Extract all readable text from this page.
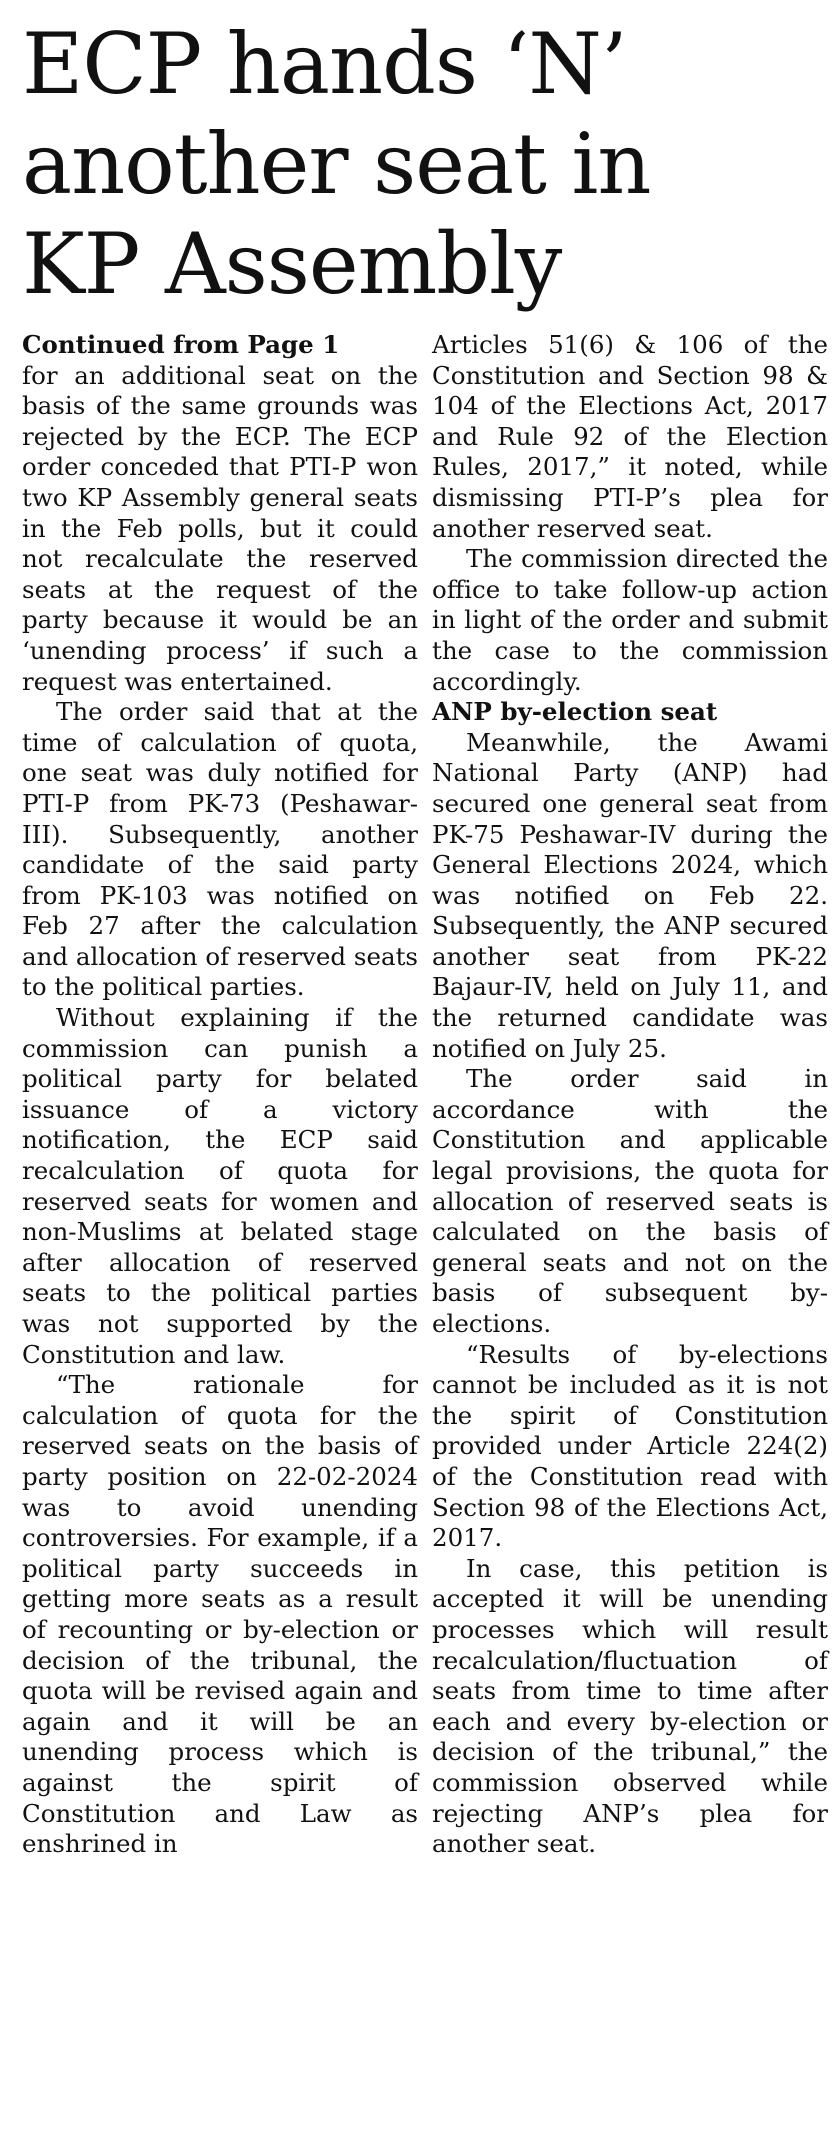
ECP hands ‘N’
another seat in
KP Assembly

Continued from Page 1

for an additional seat on the basis of the same grounds was rejected by the ECP. The ECP order conceded that PTI-P won two KP Assembly general seats in the Feb polls, but it could not recalculate the reserved seats at the request of the party because it would be an ‘unending process’ if such a request was entertained.

The order said that at the time of calculation of quota, one seat was duly notified for PTI-P from PK-73 (Peshawar-III). Subsequently, another candidate of the said party from PK-103 was notified on Feb 27 after the calculation and allocation of reserved seats to the political parties.

Without explaining if the commission can punish a political party for belated issuance of a victory notification, the ECP said recalculation of quota for reserved seats for women and non-Muslims at belated stage after allocation of reserved seats to the political parties was not supported by the Constitution and law.

“The rationale for calculation of quota for the reserved seats on the basis of party position on 22-02-2024 was to avoid unending controversies. For example, if a political party succeeds in getting more seats as a result of recounting or by-election or decision of the tribunal, the quota will be revised again and again and it will be an unending process which is against the spirit of Constitution and Law as enshrined in

Articles 51(6) & 106 of the Constitution and Section 98 & 104 of the Elections Act, 2017 and Rule 92 of the Election Rules, 2017,” it noted, while dismissing PTI-P’s plea for another reserved seat.

The commission directed the office to take follow-up action in light of the order and submit the case to the commission accordingly.

ANP by-election seat

Meanwhile, the Awami National Party (ANP) had secured one general seat from PK-75 Peshawar-IV during the General Elections 2024, which was notified on Feb 22. Subsequently, the ANP secured another seat from PK-22 Bajaur-IV, held on July 11, and the returned candidate was notified on July 25.

The order said in accordance with the Constitution and applicable legal provisions, the quota for allocation of reserved seats is calculated on the basis of general seats and not on the basis of subsequent by-elections.

“Results of by-elections cannot be included as it is not the spirit of Constitution provided under Article 224(2) of the Constitution read with Section 98 of the Elections Act, 2017.

In case, this petition is accepted it will be unending processes which will result recalculation/fluctuation of seats from time to time after each and every by-election or decision of the tribunal,” the commission observed while rejecting ANP’s plea for another seat.
